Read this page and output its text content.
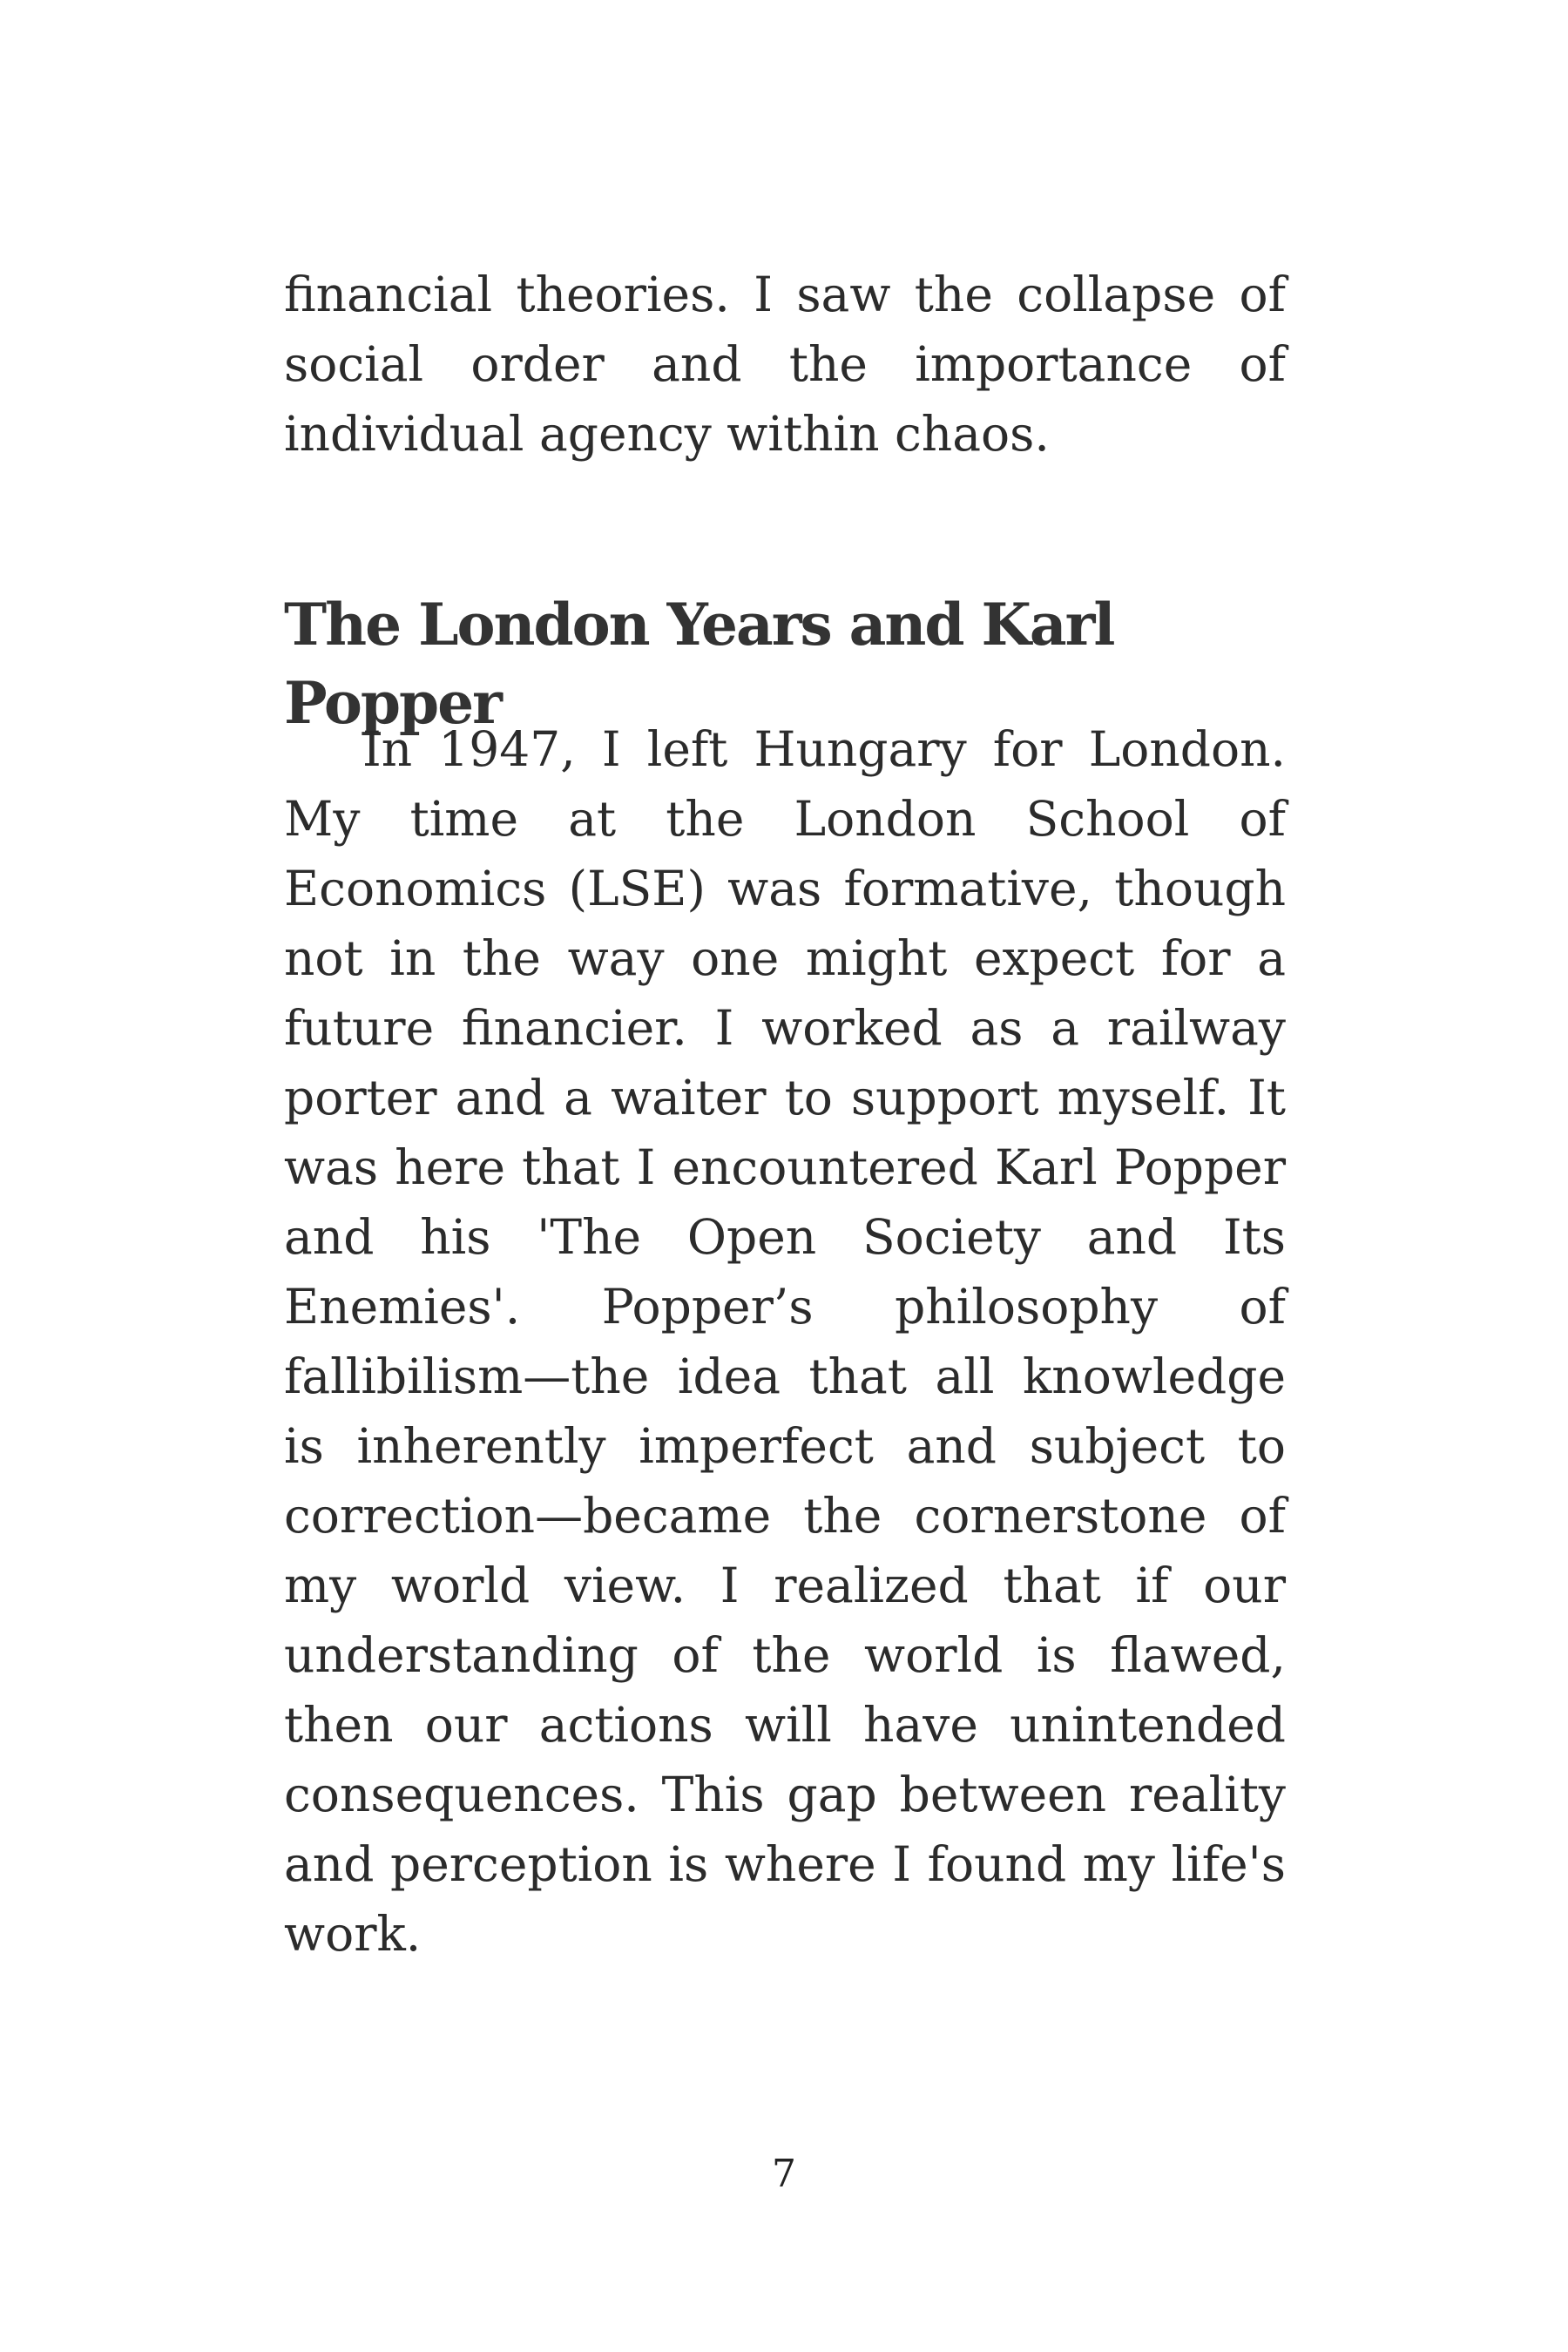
financial theories. I saw the collapse of social order and the importance of individual agency within chaos.

The London Years and Karl Popper

In 1947, I left Hungary for London. My time at the London School of Economics (LSE) was formative, though not in the way one might expect for a future financier. I worked as a railway porter and a waiter to support myself. It was here that I encountered Karl Popper and his 'The Open Society and Its Enemies'. Popper’s philosophy of fallibilism—the idea that all knowledge is inherently imperfect and subject to correction—became the cornerstone of my world view. I realized that if our understanding of the world is flawed, then our actions will have unintended consequences. This gap between reality and perception is where I found my life's work.

7
